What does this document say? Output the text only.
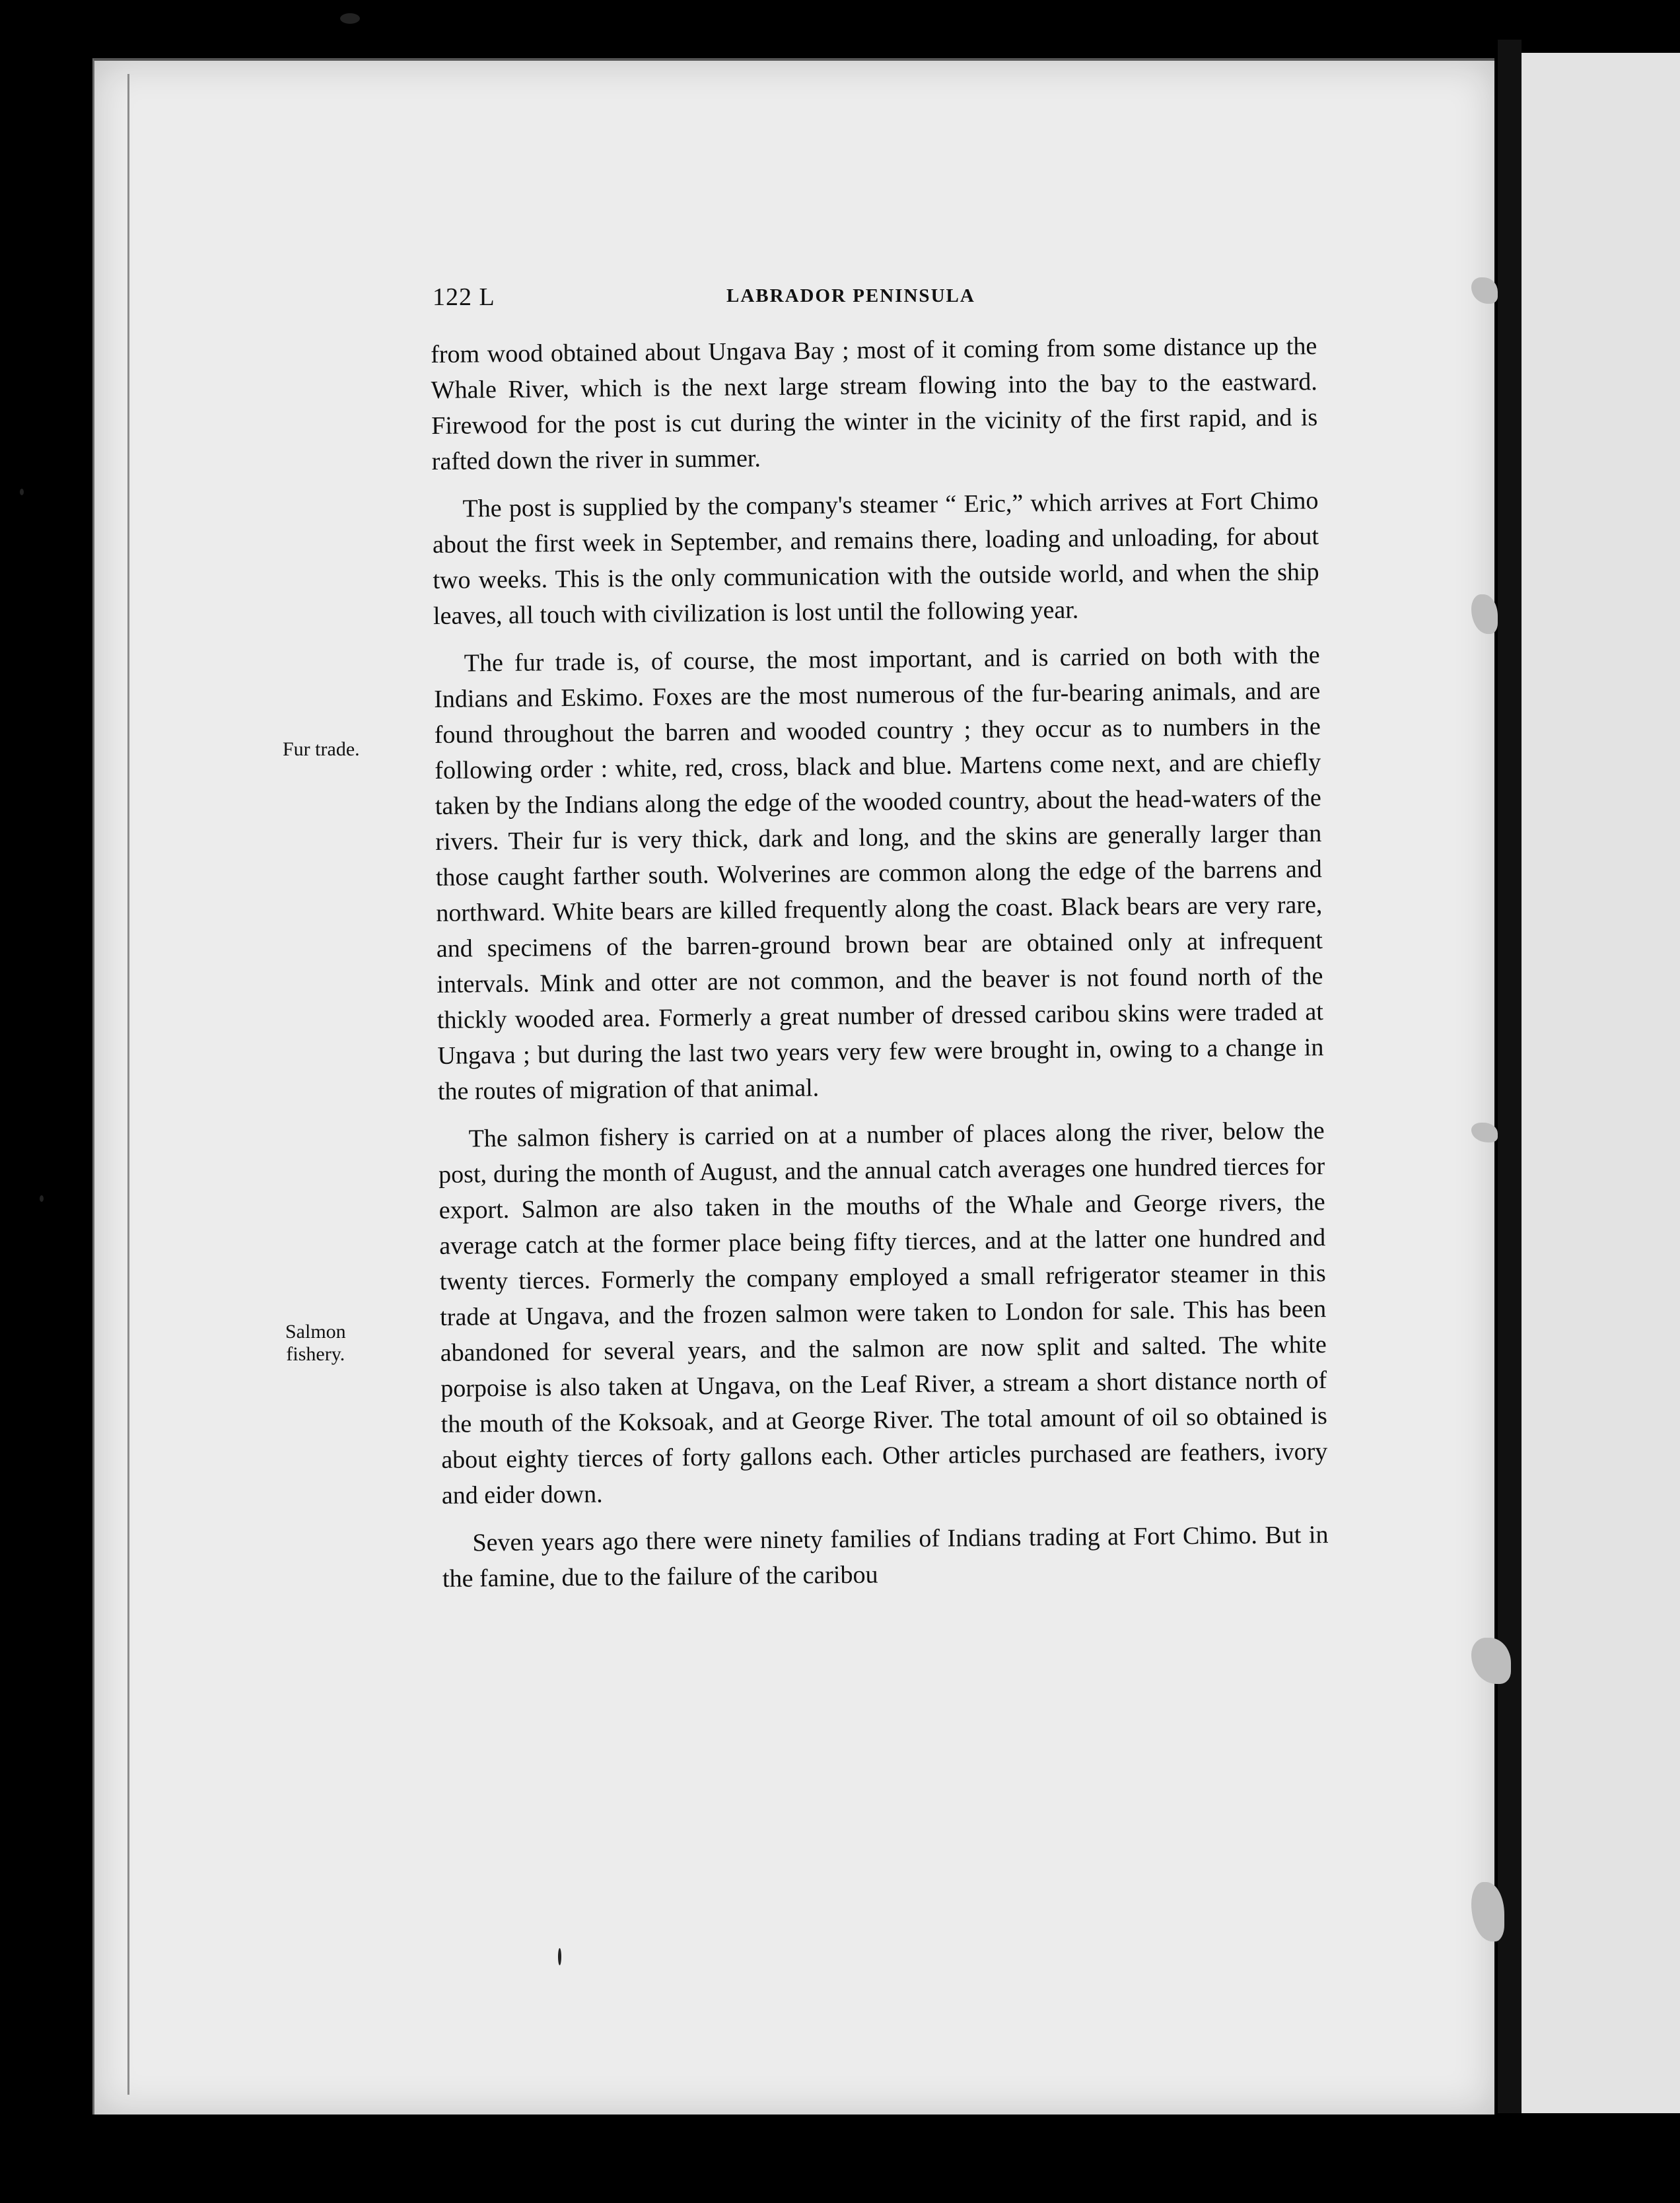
122 L	LABRADOR PENINSULA
Fur trade.
Salmon
fishery.

from wood obtained about Ungava Bay ; most of it coming from some distance up the Whale River, which is the next large stream flowing into the bay to the eastward. Firewood for the post is cut during the winter in the vicinity of the first rapid, and is rafted down the river in summer.

The post is supplied by the company's steamer “ Eric,” which arrives at Fort Chimo about the first week in September, and remains there, loading and unloading, for about two weeks. This is the only communication with the outside world, and when the ship leaves, all touch with civilization is lost until the following year.

The fur trade is, of course, the most important, and is carried on both with the Indians and Eskimo. Foxes are the most numerous of the fur-bearing animals, and are found throughout the barren and wooded country ; they occur as to numbers in the following order : white, red, cross, black and blue. Martens come next, and are chiefly taken by the Indians along the edge of the wooded country, about the head-waters of the rivers. Their fur is very thick, dark and long, and the skins are generally larger than those caught farther south. Wolverines are common along the edge of the barrens and northward. White bears are killed frequently along the coast. Black bears are very rare, and specimens of the barren-ground brown bear are obtained only at infrequent intervals. Mink and otter are not common, and the beaver is not found north of the thickly wooded area. Formerly a great number of dressed caribou skins were traded at Ungava ; but during the last two years very few were brought in, owing to a change in the routes of migration of that animal.

The salmon fishery is carried on at a number of places along the river, below the post, during the month of August, and the annual catch averages one hundred tierces for export. Salmon are also taken in the mouths of the Whale and George rivers, the average catch at the former place being fifty tierces, and at the latter one hundred and twenty tierces. Formerly the company employed a small refrigerator steamer in this trade at Ungava, and the frozen salmon were taken to London for sale. This has been abandoned for several years, and the salmon are now split and salted. The white porpoise is also taken at Ungava, on the Leaf River, a stream a short distance north of the mouth of the Koksoak, and at George River. The total amount of oil so obtained is about eighty tierces of forty gallons each. Other articles purchased are feathers, ivory and eider down.

Seven years ago there were ninety families of Indians trading at Fort Chimo. But in the famine, due to the failure of the caribou
